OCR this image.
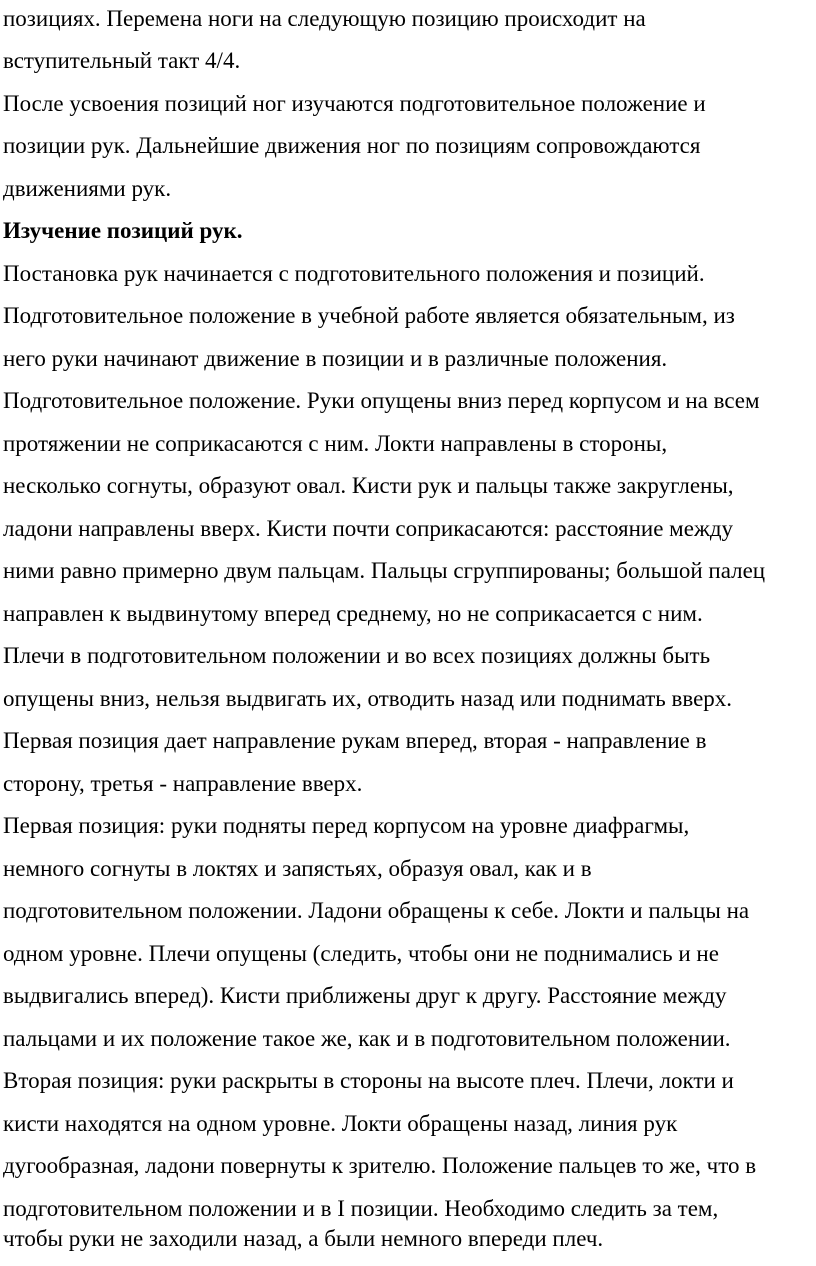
позициях. Перемена ноги на следующую позицию происходит на

вступительный такт 4/4.

После усвоения позиций ног изучаются подготовительное положение и

позиции рук. Дальнейшие движения ног по позициям сопровождаются

движениями рук.

Изучение позиций рук.

Постановка рук начинается с подготовительного положения и позиций.

Подготовительное положение в учебной работе является обязательным, из

него руки начинают движение в позиции и в различные положения.

Подготовительное положение. Руки опущены вниз перед корпусом и на всем

протяжении не соприкасаются с ним. Локти направлены в стороны,

несколько согнуты, образуют овал. Кисти рук и пальцы также закруглены,

ладони направлены вверх. Кисти почти соприкасаются: расстояние между

ними равно примерно двум пальцам. Пальцы сгруппированы; большой палец

направлен к выдвинутому вперед среднему, но не соприкасается с ним.

Плечи в подготовительном положении и во всех позициях должны быть

опущены вниз, нельзя выдвигать их, отводить назад или поднимать вверх.

Первая позиция дает направление рукам вперед, вторая - направление в

сторону, третья - направление вверх.

Первая позиция: руки подняты перед корпусом на уровне диафрагмы,

немного согнуты в локтях и запястьях, образуя овал, как и в

подготовительном положении. Ладони обращены к себе. Локти и пальцы на

одном уровне. Плечи опущены (следить, чтобы они не поднимались и не

выдвигались вперед). Кисти приближены друг к другу. Расстояние между

пальцами и их положение такое же, как и в подготовительном положении.

Вторая позиция: руки раскрыты в стороны на высоте плеч. Плечи, локти и

кисти находятся на одном уровне. Локти обращены назад, линия рук

дугообразная, ладони повернуты к зрителю. Положение пальцев то же, что в

подготовительном положении и в I позиции. Необходимо следить за тем,

чтобы руки не заходили назад, а были немного впереди плеч.
